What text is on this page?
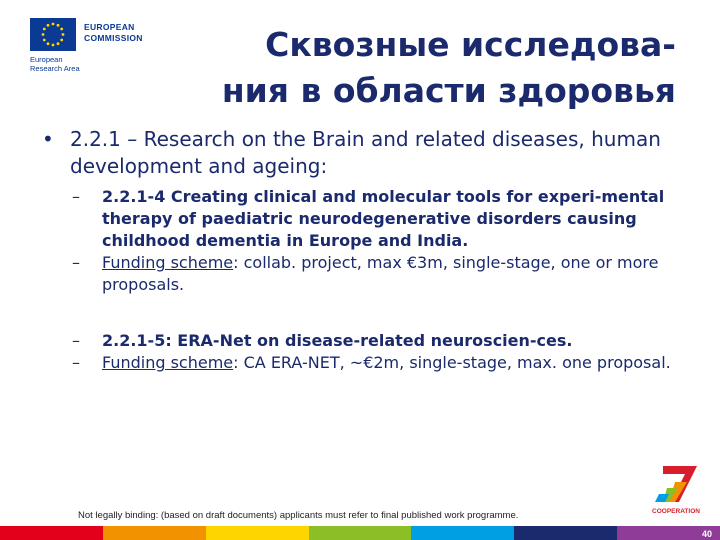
EUROPEAN
COMMISSION
European
Research Area
Сквозные исследова-
ния в области здоровья
• 2.2.1 – Research on the Brain and related diseases, human development and ageing:
–	2.2.1-4 Creating clinical and molecular tools for experi-mental therapy of paediatric neurodegenerative disorders causing childhood dementia in Europe and India.
–	Funding scheme: collab. project, max €3m, single-stage, one or more proposals.
–	2.2.1-5: ERA-Net on disease-related neuroscien-ces.
–	Funding scheme: CA ERA-NET, ~€2m, single-stage, max. one proposal.
Not legally binding: (based on draft documents) applicants must refer to final published work programme.	COOPERATION
40
